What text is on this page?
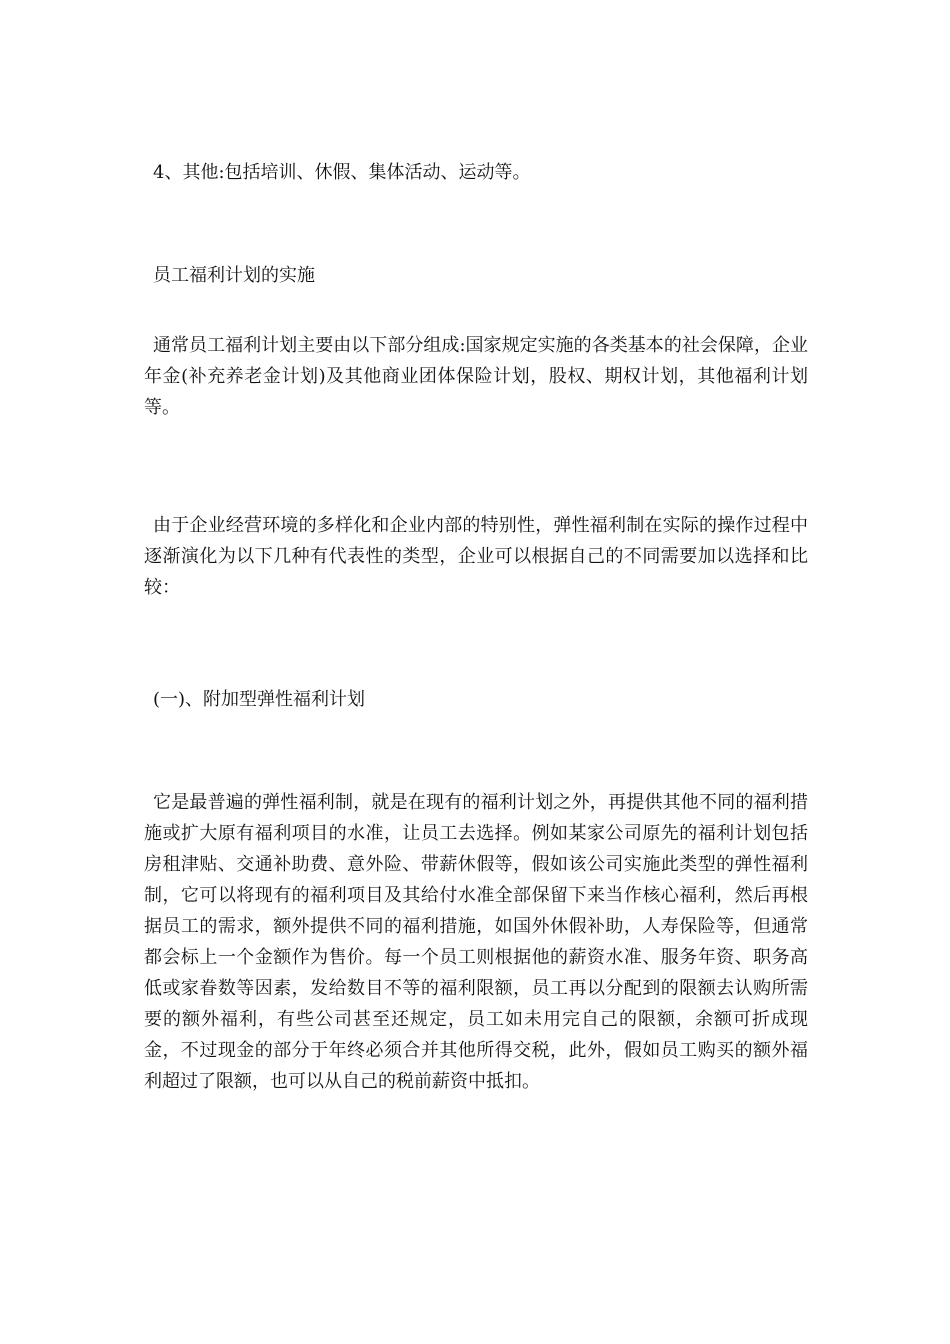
4、其他:包括培训、休假、集体活动、运动等。

员工福利计划的实施

通常员工福利计划主要由以下部分组成:国家规定实施的各类基本的社会保障，企业年金(补充养老金计划)及其他商业团体保险计划，股权、期权计划，其他福利计划等。

由于企业经营环境的多样化和企业内部的特别性，弹性福利制在实际的操作过程中逐渐演化为以下几种有代表性的类型，企业可以根据自己的不同需要加以选择和比较：

(一)、附加型弹性福利计划

它是最普遍的弹性福利制，就是在现有的福利计划之外，再提供其他不同的福利措施或扩大原有福利项目的水准，让员工去选择。例如某家公司原先的福利计划包括房租津贴、交通补助费、意外险、带薪休假等，假如该公司实施此类型的弹性福利制，它可以将现有的福利项目及其给付水准全部保留下来当作核心福利，然后再根据员工的需求，额外提供不同的福利措施，如国外休假补助，人寿保险等，但通常都会标上一个金额作为售价。每一个员工则根据他的薪资水准、服务年资、职务高低或家眷数等因素，发给数目不等的福利限额，员工再以分配到的限额去认购所需要的额外福利，有些公司甚至还规定，员工如未用完自己的限额，余额可折成现金，不过现金的部分于年终必须合并其他所得交税，此外，假如员工购买的额外福利超过了限额，也可以从自己的税前薪资中抵扣。
